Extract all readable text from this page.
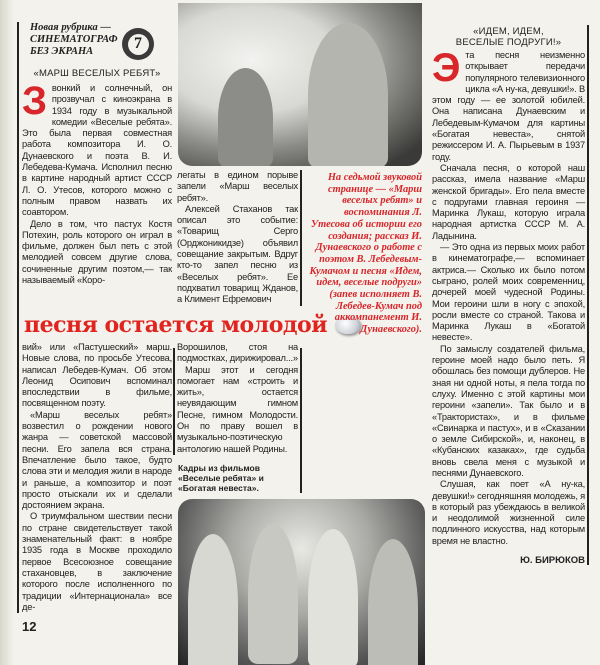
Новая рубрика —
СИНЕМАТОГРАФ
БЕЗ ЭКРАНА	7
«МАРШ ВЕСЕЛЫХ РЕБЯТ»
З вонкий и солнечный, он прозвучал с киноэкрана в 1934 году в музыкальной комедии «Веселые ребята». Это была первая совместная работа композитора И. О. Дунаевского и поэта В. И. Лебедева-Кумача. Исполнил песню в картине народный артист СССР Л. О. Утесов, которого можно с полным правом назвать их соавтором.

Дело в том, что пастух Костя Потехин, роль которого он играл в фильме, должен был петь с этой мелодией совсем другие слова, сочиненные другим поэтом,— так называемый «Коро-

песня остается молодой

вий» или «Пастушеский» марш. Новые слова, по просьбе Утесова, написал Лебедев-Кумач. Об этом Леонид Осипович вспоминал впоследствии в фильме, посвященном поэту.

«Марш веселых ребят» возвестил о рождении нового жанра — советской массовой песни. Его запела вся страна. Впечатление было такое, будто слова эти и мелодия жили в народе и раньше, а композитор и поэт просто отыскали их и сделали достоянием экрана.

О триумфальном шествии песни по стране свидетельствует такой знаменательный факт: в ноябре 1935 года в Москве проходило первое Всесоюзное совещание стахановцев, в заключение которого после исполненного по традиции «Интернационала» все де-

легаты в едином порыве запели «Марш веселых ребят».

Алексей Стаханов так описал это событие: «Товарищ Серго (Орджоникидзе) объявил совещание закрытым. Вдруг кто-то запел песню из «Веселых ребят». Ее подхватил товарищ Жданов, а Климент Ефремович

Ворошилов, стоя на подмостках, дирижировал...»

Марш этот и сегодня помогает нам «строить и жить», остается неувядающим гимном Песне, гимном Молодости. Он по праву вошел в музыкально-поэтическую антологию нашей Родины.

Кадры из фильмов «Веселые ребята» и «Богатая невеста».
На седьмой звуковой странице — «Марш веселых ребят» и воспоминания Л. Утесова об истории его создания; рассказ И. Дунаевского о работе с поэтом В. Лебедевым-Кумачом и песня «Идем, идем, веселые подруги» (запев исполняет В. Лебедев-Кумач под аккомпанемент И. Дунаевского).
«ИДЕМ, ИДЕМ,
ВЕСЕЛЫЕ ПОДРУГИ!»
Э та песня неизменно открывает передачи популярного телевизионного цикла «А ну-ка, девушки!». В этом году — ее золотой юбилей. Она написана Дунаевским и Лебедевым-Кумачом для картины «Богатая невеста», снятой режиссером И. А. Пырьевым в 1937 году.

Сначала песня, о которой наш рассказ, имела название «Марш женской бригады». Его пела вместе с подругами главная героиня — Маринка Лукаш, которую играла народная артистка СССР М. А. Ладынина.

— Это одна из первых моих работ в кинематографе,— вспоминает актриса.— Сколько их было потом сыграно, ролей моих современниц, дочерей моей чудесной Родины. Мои героини шли в ногу с эпохой, росли вместе со страной. Такова и Маринка Лукаш в «Богатой невесте».

По замыслу создателей фильма, героине моей надо было петь. Я обошлась без помощи дублеров. Не зная ни одной ноты, я пела тогда по слуху. Именно с этой картины мои героини «запели». Так было и в «Трактористах», и в фильме «Свинарка и пастух», и в «Сказании о земле Сибирской», и, наконец, в «Кубанских казаках», где судьба вновь свела меня с музыкой и песнями Дунаевского.

Слушая, как поет «А ну-ка, девушки!» сегодняшняя молодежь, я в который раз убеждаюсь в великой и неодолимой жизненной силе подлинного искусства, над которым время не властно.

Ю. БИРЮКОВ
12
